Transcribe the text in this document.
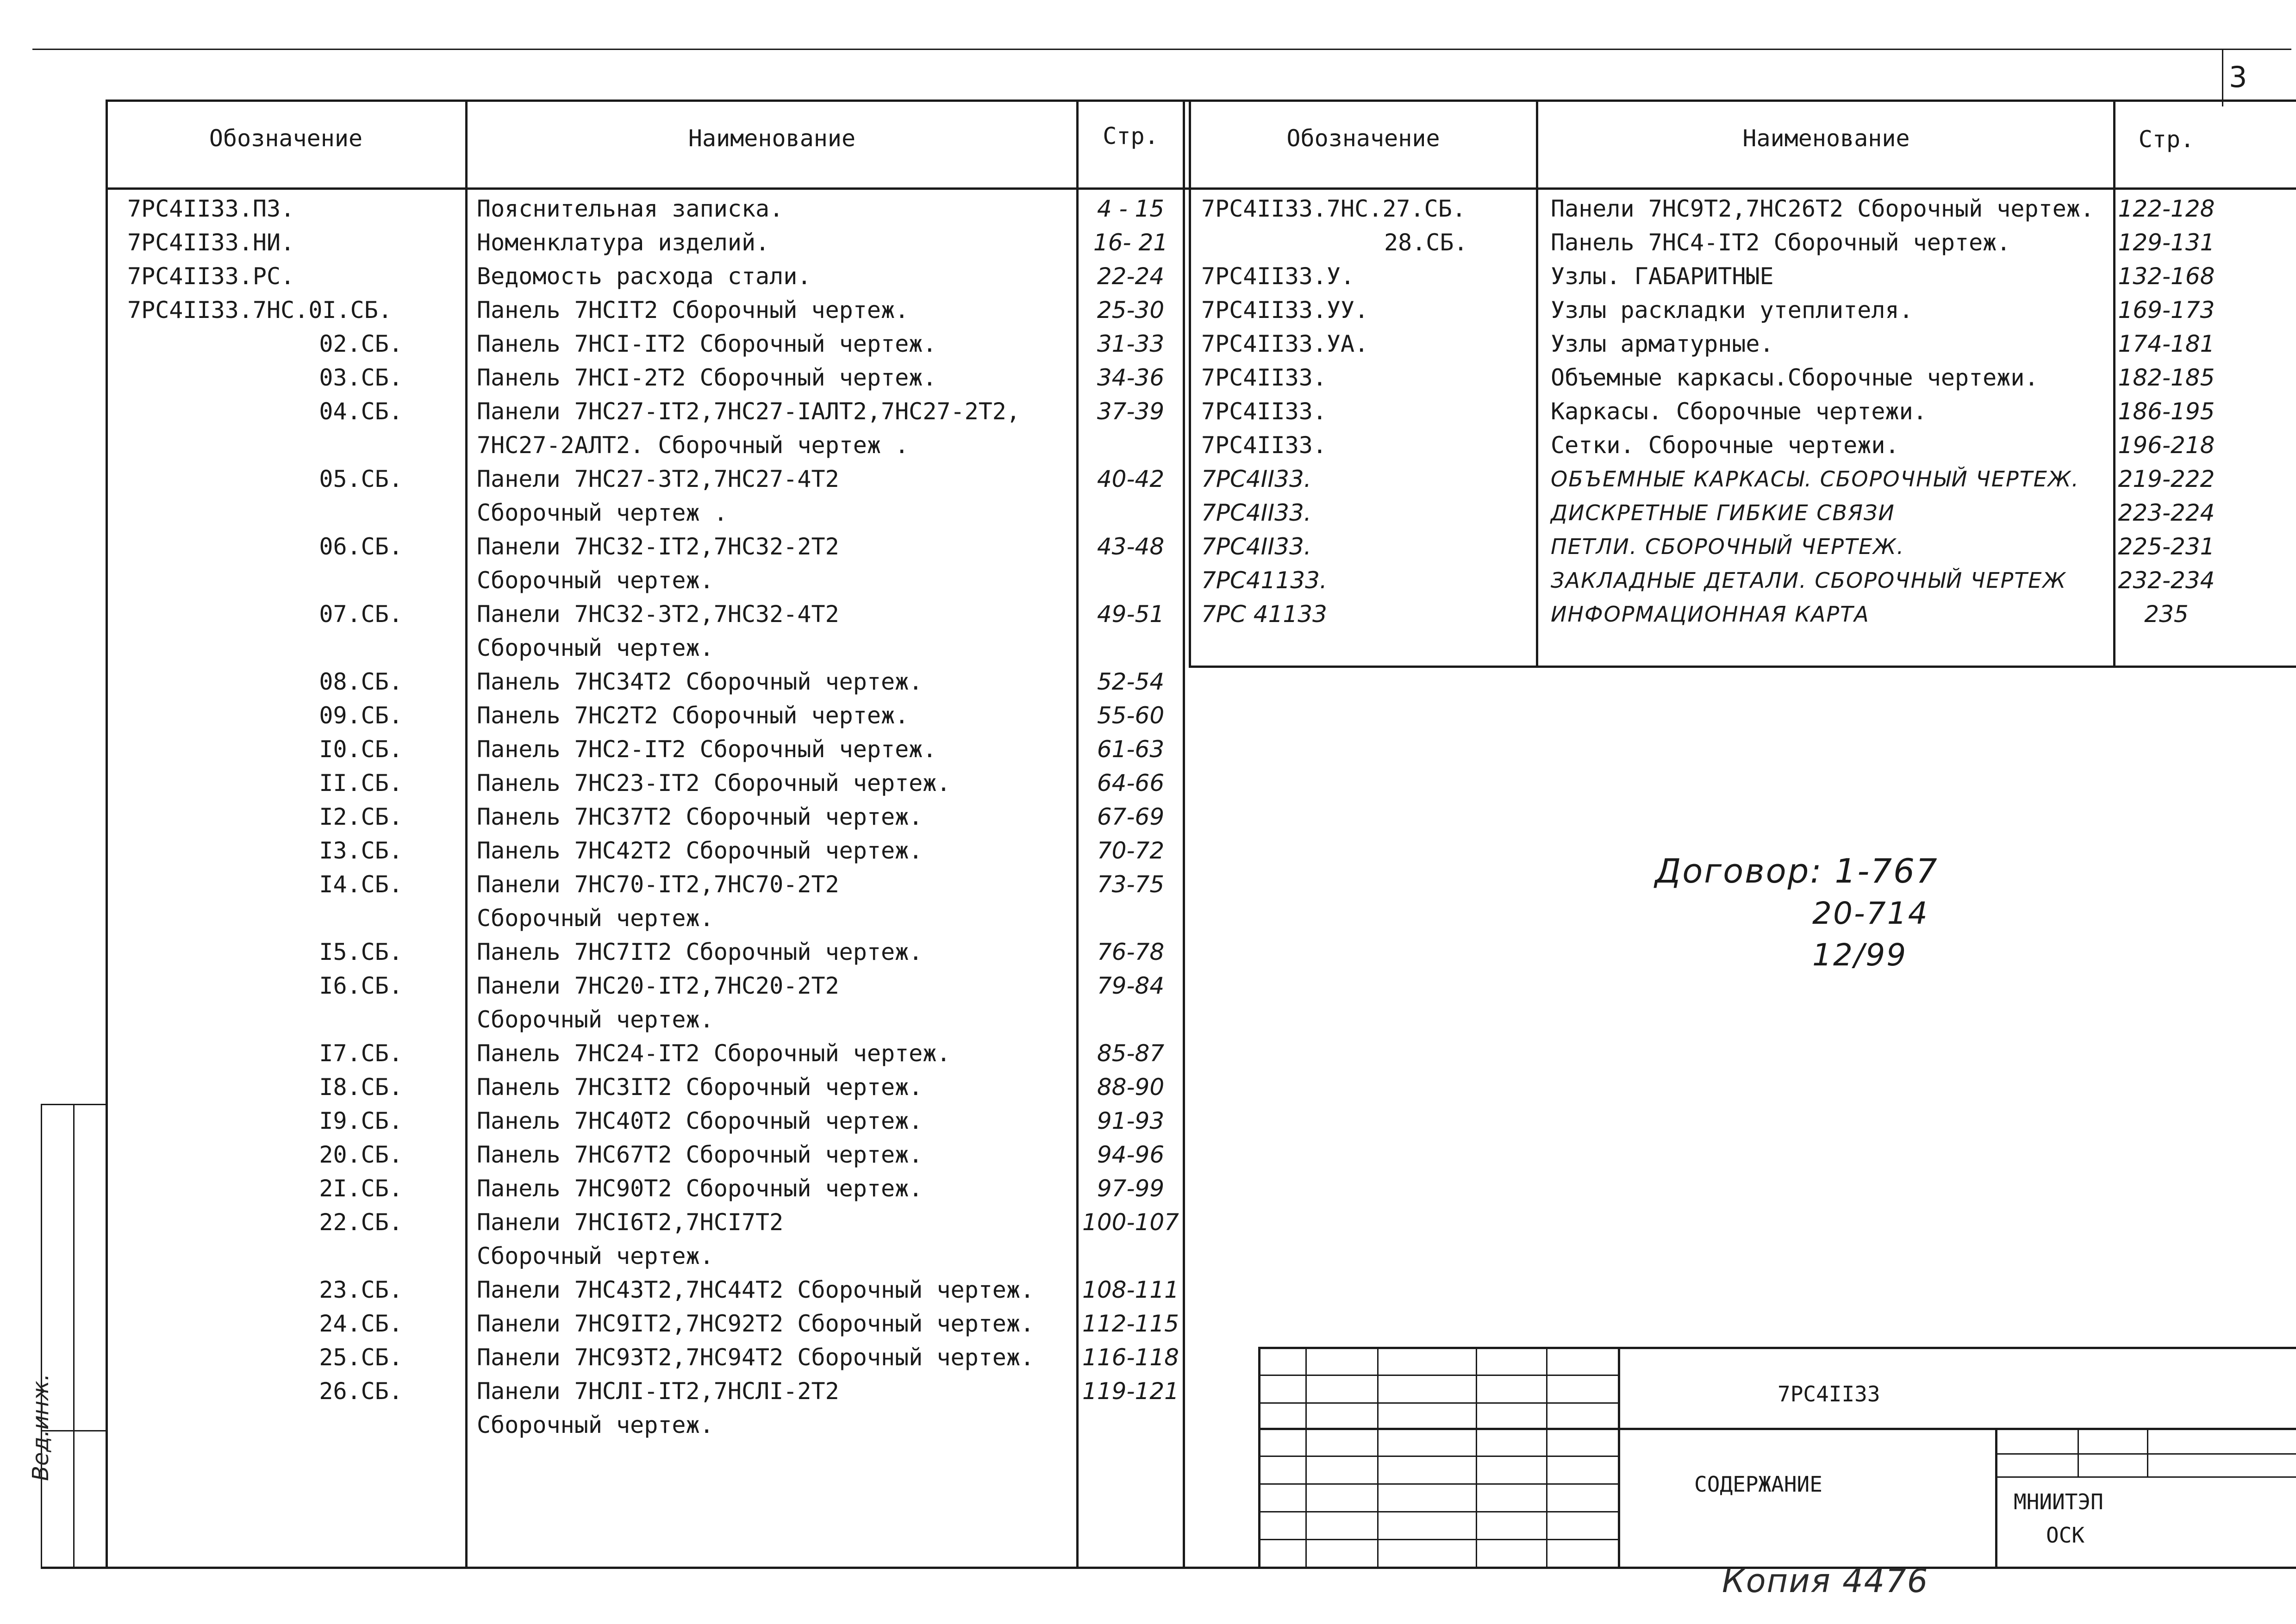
3
Обозначение	Наименование	Стр.
7РС4II33.ПЗ.	Пояснительная записка.	4 - 15
7РС4II33.НИ.	Номенклатура изделий.	16- 21
7РС4II33.РС.	Ведомость расхода стали.	22-24
7РС4II33.7НС.0I.СБ.	Панель 7НСIТ2 Сборочный чертеж.	25-30
02.СБ.	Панель 7НСI-IТ2 Сборочный чертеж.	31-33
03.СБ.	Панель 7НСI-2Т2 Сборочный чертеж.	34-36
04.СБ.	Панели 7НС27-IТ2,7НС27-IАЛТ2,7НС27-2Т2,	37-39
7НС27-2АЛТ2. Сборочный чертеж .
05.СБ.	Панели 7НС27-3Т2,7НС27-4Т2	40-42
Сборочный чертеж .
06.СБ.	Панели 7НС32-IТ2,7НС32-2Т2	43-48
Сборочный чертеж.
07.СБ.	Панели 7НС32-3Т2,7НС32-4Т2	49-51
Сборочный чертеж.
08.СБ.	Панель 7НС34Т2 Сборочный чертеж.	52-54
09.СБ.	Панель 7НС2Т2 Сборочный чертеж.	55-60
I0.СБ.	Панель 7НС2-IТ2 Сборочный чертеж.	61-63
II.СБ.	Панель 7НС23-IТ2 Сборочный чертеж.	64-66
I2.СБ.	Панель 7НС37Т2 Сборочный чертеж.	67-69
I3.СБ.	Панель 7НС42Т2 Сборочный чертеж.	70-72
I4.СБ.	Панели 7НС70-IТ2,7НС70-2Т2	73-75
Сборочный чертеж.
I5.СБ.	Панель 7НС7IТ2 Сборочный чертеж.	76-78
I6.СБ.	Панели 7НС20-IТ2,7НС20-2Т2	79-84
Сборочный чертеж.
I7.СБ.	Панель 7НС24-IТ2 Сборочный чертеж.	85-87
I8.СБ.	Панель 7НС3IТ2 Сборочный чертеж.	88-90
I9.СБ.	Панель 7НС40Т2 Сборочный чертеж.	91-93
20.СБ.	Панель 7НС67Т2 Сборочный чертеж.	94-96
2I.СБ.	Панель 7НС90Т2 Сборочный чертеж.	97-99
22.СБ.	Панели 7НСI6Т2,7НСI7Т2	100-107
Сборочный чертеж.
23.СБ.	Панели 7НС43Т2,7НС44Т2 Сборочный чертеж. 108-111
24.СБ.	Панели 7НС9IТ2,7НС92Т2 Сборочный чертеж. 112-115
25.СБ.	Панели 7НС93Т2,7НС94Т2 Сборочный чертеж. 116-118
26.СБ.	Панели 7НСЛI-IТ2,7НСЛI-2Т2	119-121
Сборочный чертеж.
Обозначение	Наименование	Стр.
7РС4II33.7НС.27.СБ.	Панели 7НС9Т2,7НС26Т2 Сборочный чертеж. 122-128
28.СБ.	Панель 7НС4-IТ2 Сборочный чертеж.	129-131
7РС4II33.У.	Узлы. ГАБАРИТНЫЕ	132-168
7РС4II33.УУ.	Узлы раскладки утеплителя.	169-173
7РС4II33.УА.	Узлы арматурные.	174-181
7РС4II33.	Объемные каркасы.Сборочные чертежи.	182-185
7РС4II33.	Каркасы. Сборочные чертежи.	186-195
7РС4II33.	Сетки. Сборочные чертежи.	196-218
7РС4II33.	ОБЪЕМНЫЕ КАРКАСЫ. СБОРОЧНЫЙ ЧЕРТЕЖ. 219-222
7РС4II33.	ДИСКРЕТНЫЕ ГИБКИЕ СВЯЗИ	223-224
7РС4II33.	ПЕТЛИ. СБОРОЧНЫЙ ЧЕРТЕЖ.	225-231
7РС41133.	ЗАКЛАДНЫЕ ДЕТАЛИ. СБОРОЧНЫЙ ЧЕРТЕЖ 232-234
7РС 41133	ИНФОРМАЦИОННАЯ КАРТА	235
Договор: 1-767
20-714
12/99
Вед.инж.	7РС4II33
СОДЕРЖАНИЕ
МНИИТЭП
ОСК
Копия 4476
